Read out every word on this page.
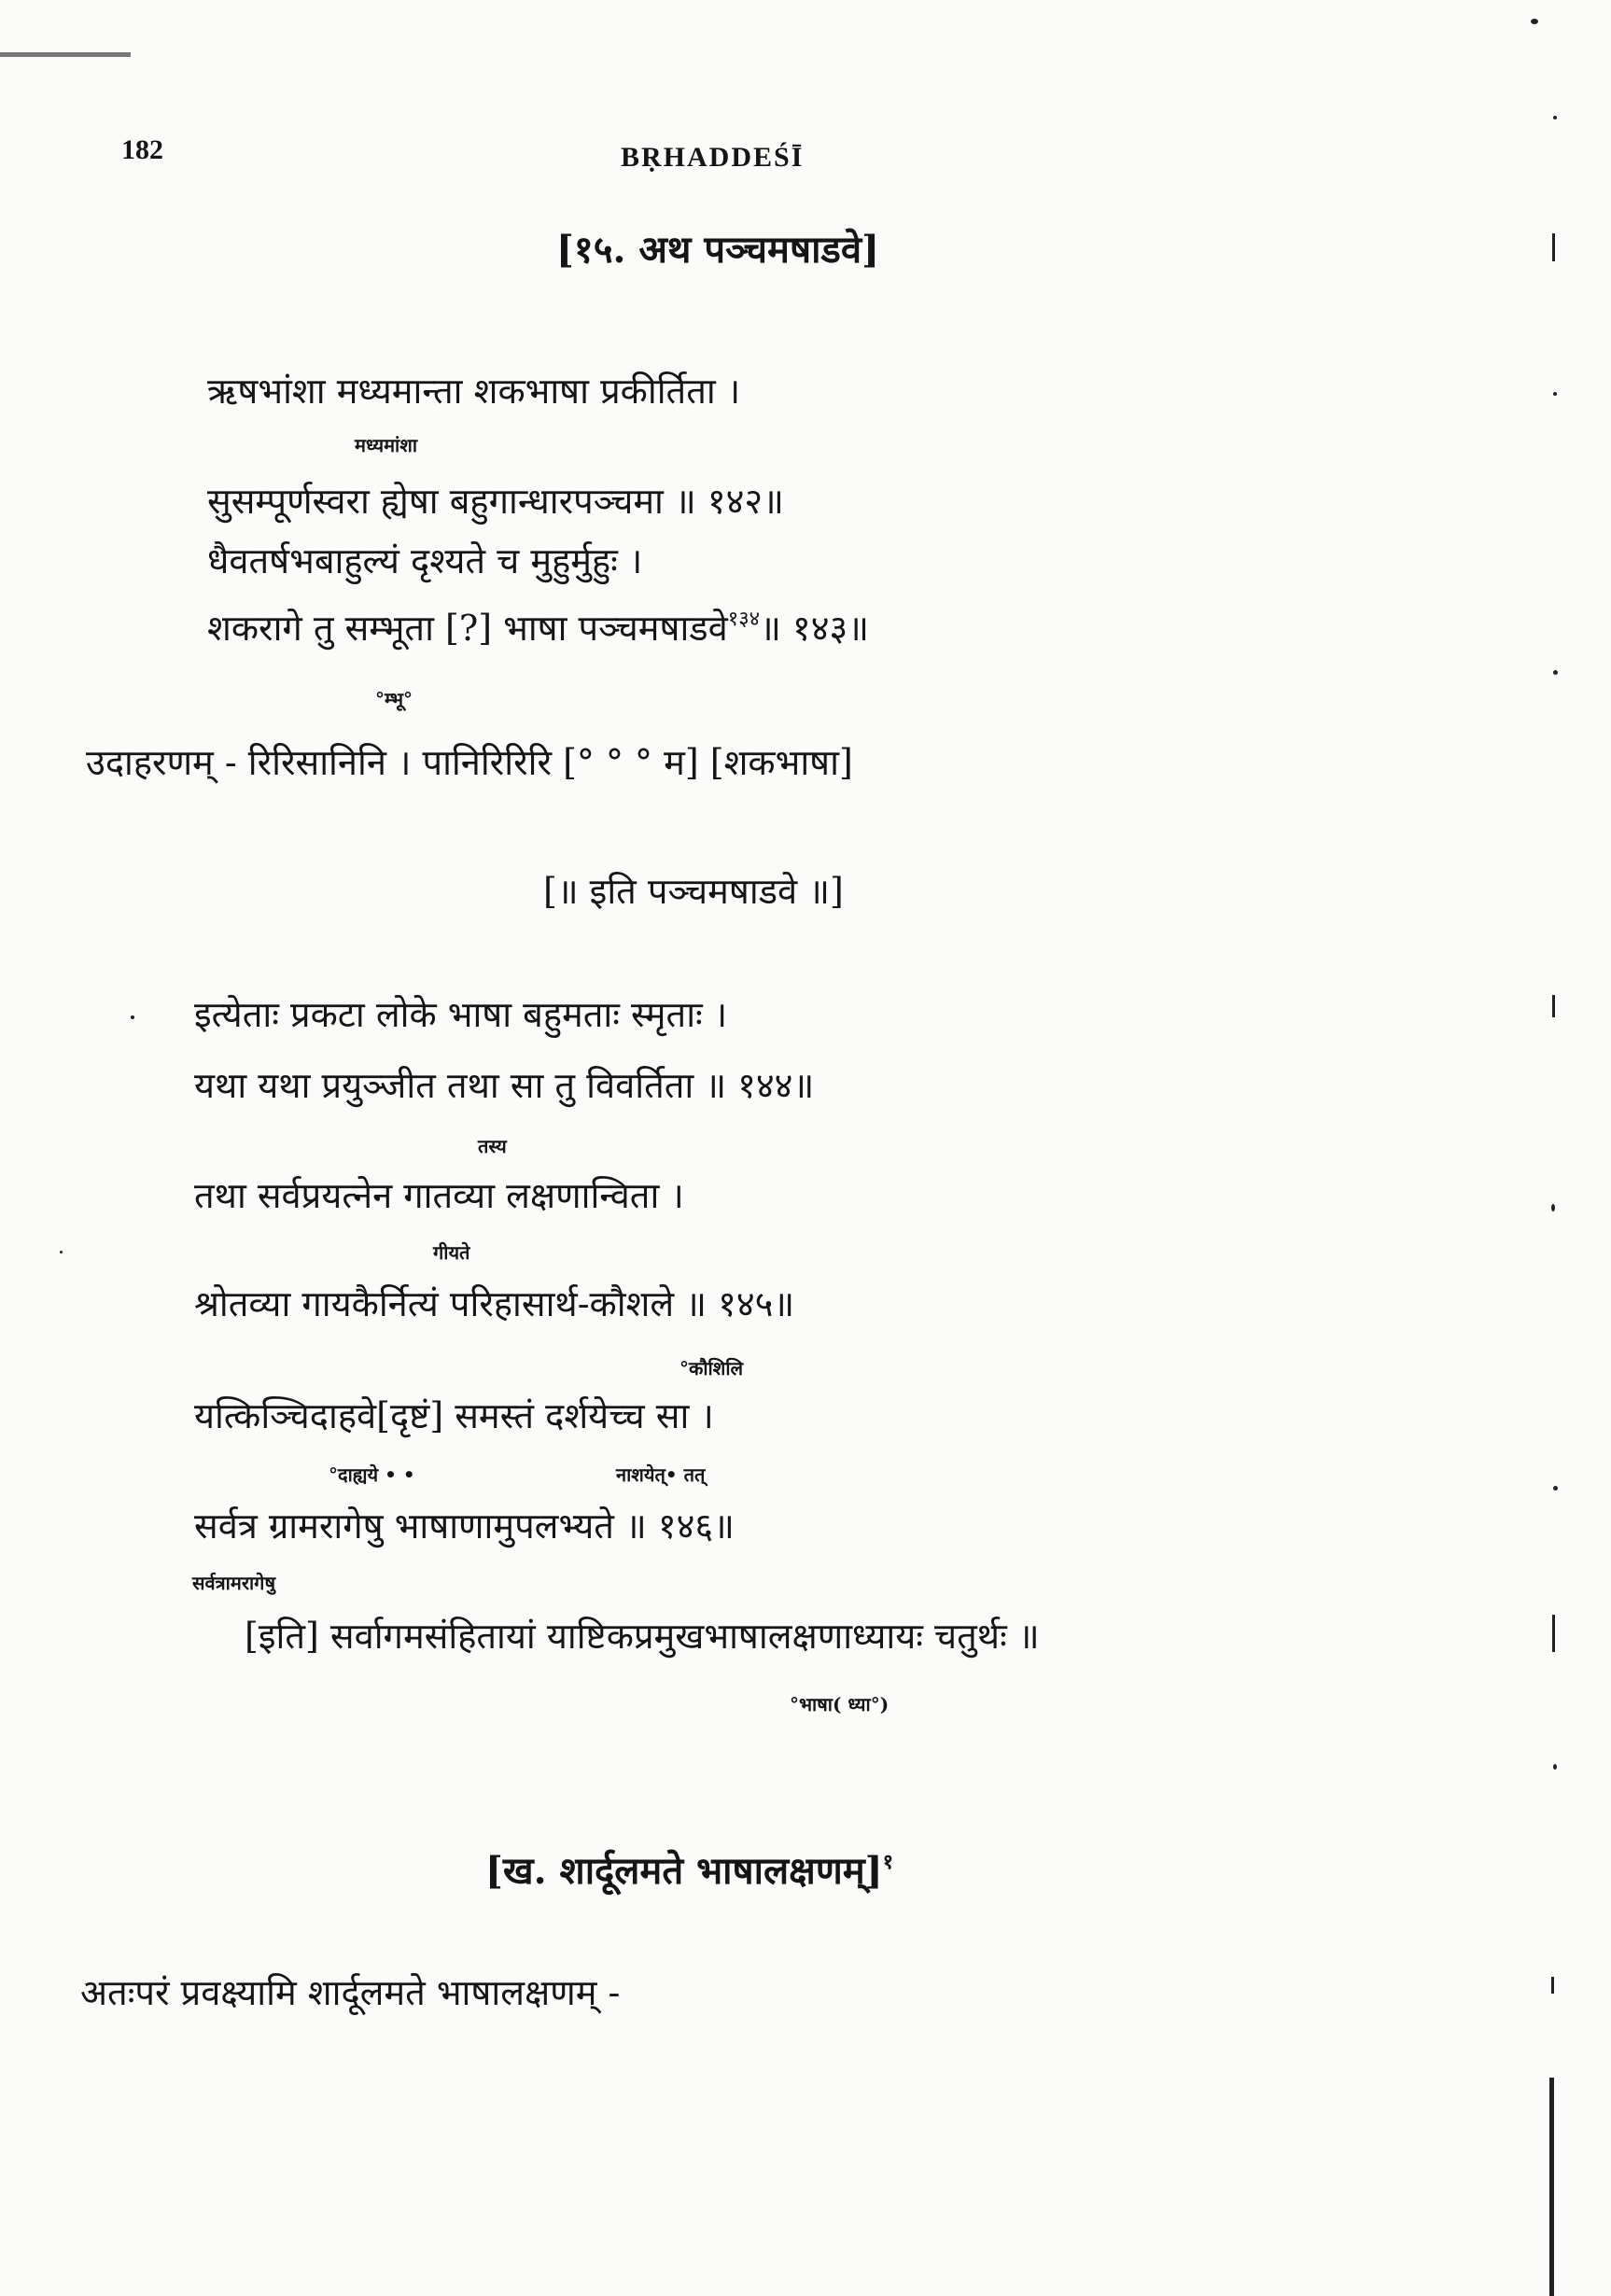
182	BṚHADDEŚĪ
[१५. अथ पञ्चमषाडवे]
ऋषभांशा मध्यमान्ता शकभाषा प्रकीर्तिता ।
मध्यमांशा
सुसम्पूर्णस्वरा ह्येषा बहुगान्धारपञ्चमा ॥ १४२॥
धैवतर्षभबाहुल्यं दृश्यते च मुहुर्मुहुः ।
शकरागे तु सम्भूता [?] भाषा पञ्चमषाडवे$^{१३४}$॥ १४३॥
°म्भू°
उदाहरणम् - रिरिसानिनि । पानिरिरिरि [° ° ° म] [शकभाषा]
[॥ इति पञ्चमषाडवे ॥]
इत्येताः प्रकटा लोके भाषा बहुमताः स्मृताः ।
यथा यथा प्रयुञ्जीत तथा सा तु विवर्तिता ॥ १४४॥
तस्य
तथा सर्वप्रयत्नेन गातव्या लक्षणान्विता ।
गीयते
श्रोतव्या गायकैर्नित्यं परिहासार्थ-कौशले ॥ १४५॥
°कौशिलि
यत्किञ्चिदाहवे[दृष्टं] समस्तं दर्शयेच्च सा ।
°दाह्यये • •	नाशयेत्• तत्
सर्वत्र ग्रामरागेषु भाषाणामुपलभ्यते ॥ १४६॥
सर्वत्रामरागेषु
[इति] सर्वागमसंहितायां याष्टिकप्रमुखभाषालक्षणाध्यायः चतुर्थः ॥
°भाषा( ध्या°)
[ख. शार्दूलमते भाषालक्षणम्]$^१$
अतःपरं प्रवक्ष्यामि शार्दूलमते भाषालक्षणम् -
